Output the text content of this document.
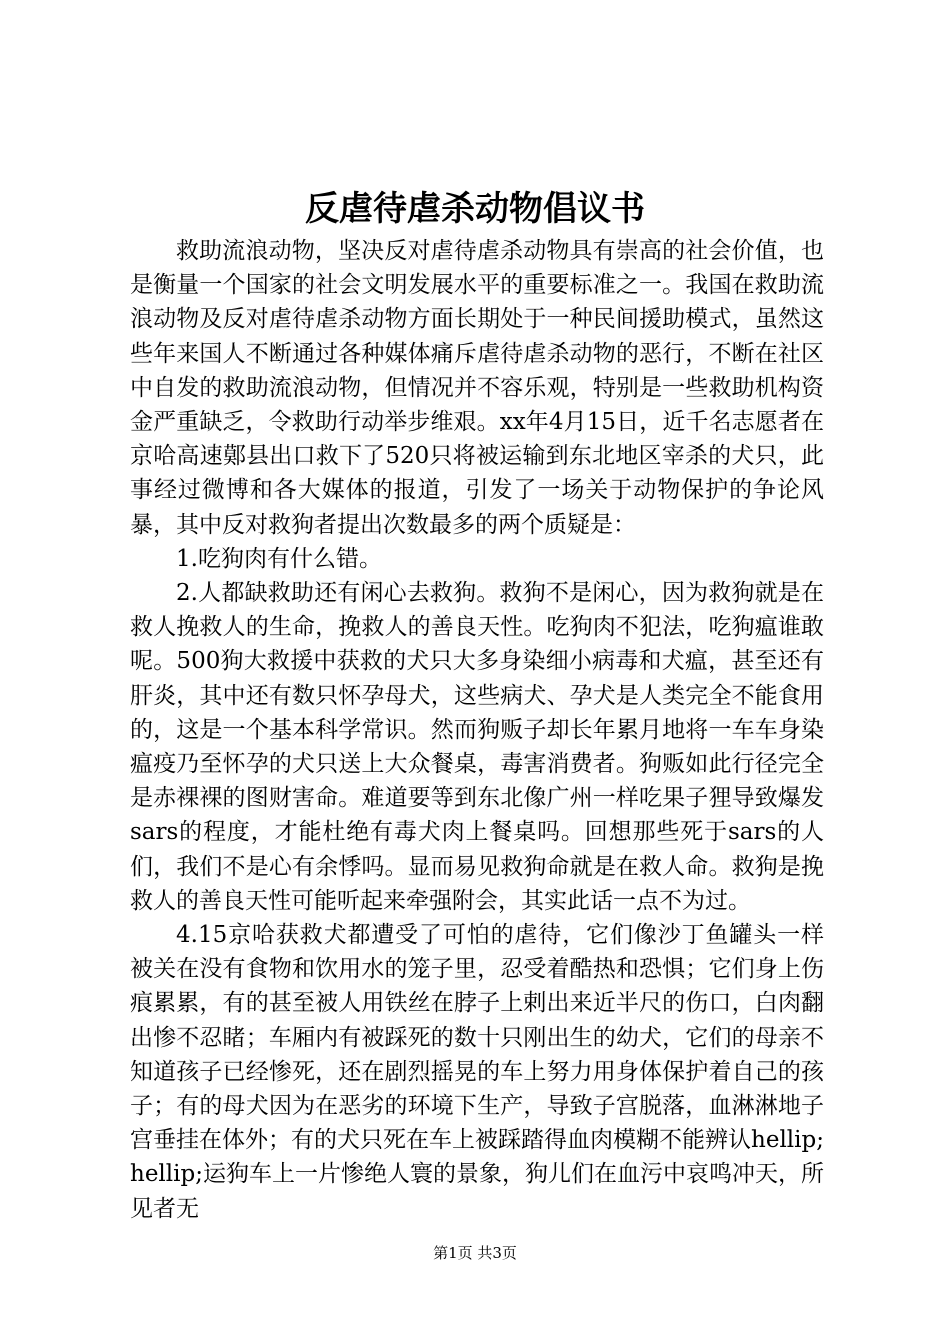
反虐待虐杀动物倡议书

救助流浪动物，坚决反对虐待虐杀动物具有崇高的社会价值，也是衡量一个国家的社会文明发展水平的重要标准之一。我国在救助流浪动物及反对虐待虐杀动物方面长期处于一种民间援助模式，虽然这些年来国人不断通过各种媒体痛斥虐待虐杀动物的恶行，不断在社区中自发的救助流浪动物，但情况并不容乐观，特别是一些救助机构资金严重缺乏，令救助行动举步维艰。xx年4月15日，近千名志愿者在京哈高速鄚县出口救下了520只将被运输到东北地区宰杀的犬只，此事经过微博和各大媒体的报道，引发了一场关于动物保护的争论风暴，其中反对救狗者提出次数最多的两个质疑是：

1.吃狗肉有什么错。

2.人都缺救助还有闲心去救狗。救狗不是闲心，因为救狗就是在救人挽救人的生命，挽救人的善良天性。吃狗肉不犯法，吃狗瘟谁敢呢。500狗大救援中获救的犬只大多身染细小病毒和犬瘟，甚至还有肝炎，其中还有数只怀孕母犬，这些病犬、孕犬是人类完全不能食用的，这是一个基本科学常识。然而狗贩子却长年累月地将一车车身染瘟疫乃至怀孕的犬只送上大众餐桌，毒害消费者。狗贩如此行径完全是赤裸裸的图财害命。难道要等到东北像广州一样吃果子狸导致爆发sars的程度，才能杜绝有毒犬肉上餐桌吗。回想那些死于sars的人们，我们不是心有余悸吗。显而易见救狗命就是在救人命。救狗是挽救人的善良天性可能听起来牵强附会，其实此话一点不为过。

4.15京哈获救犬都遭受了可怕的虐待，它们像沙丁鱼罐头一样被关在没有食物和饮用水的笼子里，忍受着酷热和恐惧；它们身上伤痕累累，有的甚至被人用铁丝在脖子上剌出来近半尺的伤口，白肉翻出惨不忍睹；车厢内有被踩死的数十只刚出生的幼犬，它们的母亲不知道孩子已经惨死，还在剧烈摇晃的车上努力用身体保护着自己的孩子；有的母犬因为在恶劣的环境下生产，导致子宫脱落，血淋淋地子宫垂挂在体外；有的犬只死在车上被踩踏得血肉模糊不能辨认hellip;hellip;运狗车上一片惨绝人寰的景象，狗儿们在血污中哀鸣冲天，所见者无

第1页 共3页
